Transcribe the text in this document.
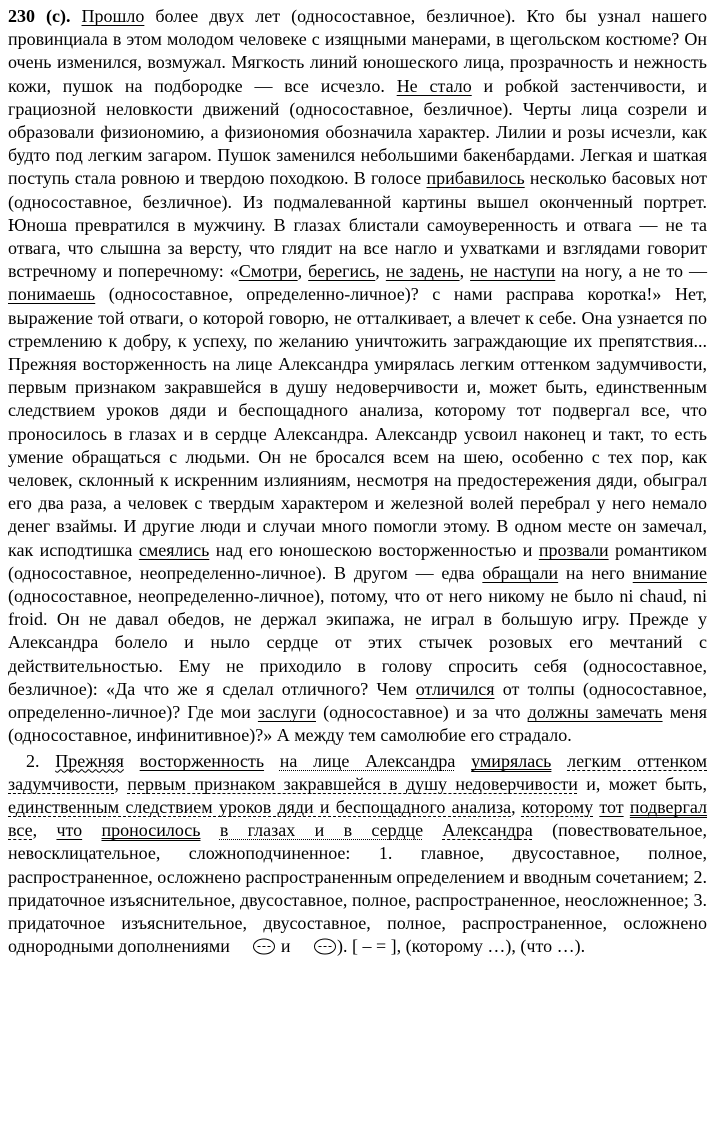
230 (с). Прошло более двух лет (односоставное, безличное). Кто бы узнал нашего провинциала в этом молодом человеке с изящными манерами, в щегольском костюме? Он очень изменился, возмужал. Мягкость линий юношеского лица, прозрачность и нежность кожи, пушок на подбородке — все исчезло. Не стало и робкой застенчивости, и грациозной неловкости движений (односоставное, безличное). Черты лица созрели и образовали физиономию, а физиономия обозначила характер. Лилии и розы исчезли, как будто под легким загаром. Пушок заменился небольшими бакенбардами. Легкая и шаткая поступь стала ровною и твердою походкою. В голосе прибавилось несколько басовых нот (односоставное, безличное). Из подмалеванной картины вышел оконченный портрет. Юноша превратился в мужчину. В глазах блистали самоуверенность и отвага — не та отвага, что слышна за версту, что глядит на все нагло и ухватками и взглядами говорит встречному и поперечному: «Смотри, берегись, не задень, не наступи на ногу, а не то — понимаешь (односоставное, определенно-личное)? с нами расправа коротка!» Нет, выражение той отваги, о которой говорю, не отталкивает, а влечет к себе. Она узнается по стремлению к добру, к успеху, по желанию уничтожить заграждающие их препятствия... Прежняя восторженность на лице Александра умирялась легким оттенком задумчивости, первым признаком закравшейся в душу недоверчивости и, может быть, единственным следствием уроков дяди и беспощадного анализа, которому тот подвергал все, что проносилось в глазах и в сердце Александра. Александр усвоил наконец и такт, то есть умение обращаться с людьми. Он не бросался всем на шею, особенно с тех пор, как человек, склонный к искренним излияниям, несмотря на предостережения дяди, обыграл его два раза, а человек с твердым характером и железной волей перебрал у него немало денег взаймы. И другие люди и случаи много помогли этому. В одном месте он замечал, как исподтишка смеялись над его юношескою восторженностью и прозвали романтиком (односоставное, неопределенно-личное). В другом — едва обращали на него внимание (односоставное, неопределенно-личное), потому, что от него никому не было ni chaud, ni froid. Он не давал обедов, не держал экипажа, не играл в большую игру. Прежде у Александра болело и ныло сердце от этих стычек розовых его мечтаний с действительностью. Ему не приходило в голову спросить себя (односоставное, безличное): «Да что же я сделал отличного? Чем отличился от толпы (односоставное, определенно-личное)? Где мои заслуги (односоставное) и за что должны замечать меня (односоставное, инфинитивное)?» А между тем самолюбие его страдало.

2. Прежняя восторженность на лице Александра умирялась легким оттенком задумчивости, первым признаком закравшейся в душу недоверчивости и, может быть, единственным следствием уроков дяди и беспощадного анализа, которому тот подвергал все, что проносилось в глазах и в сердце Александра (повествовательное, невосклицательное, сложноподчиненное: 1. главное, двусоставное, полное, распространенное, осложнено распространенным определением и вводным сочетанием; 2. придаточное изъяснительное, двусоставное, полное, распространенное, неосложненное; 3. придаточное изъяснительное, двусоставное, полное, распространенное, осложнено однородными дополнениями  и ). [ – = ], (которому …), (что …).
